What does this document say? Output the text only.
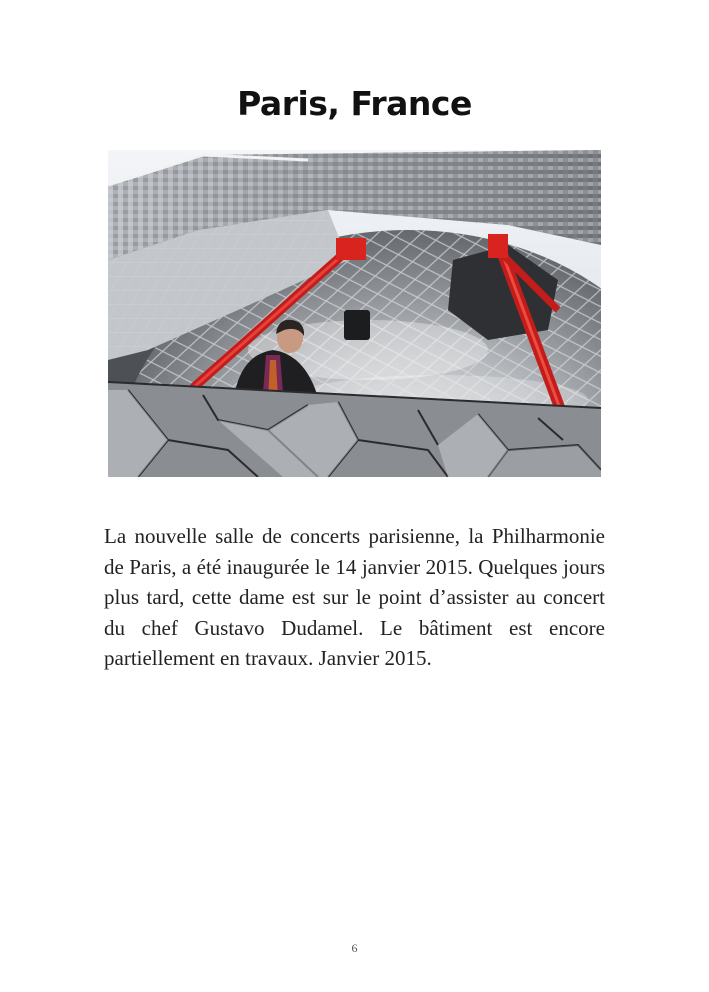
Paris, France

La nouvelle salle de concerts parisienne, la Philharmonie de Paris, a été inaugurée le 14 janvier 2015. Quelques jours plus tard, cette dame est sur le point d’assister au concert du chef Gustavo Dudamel. Le bâtiment est encore partiellement en travaux. Janvier 2015.

6
